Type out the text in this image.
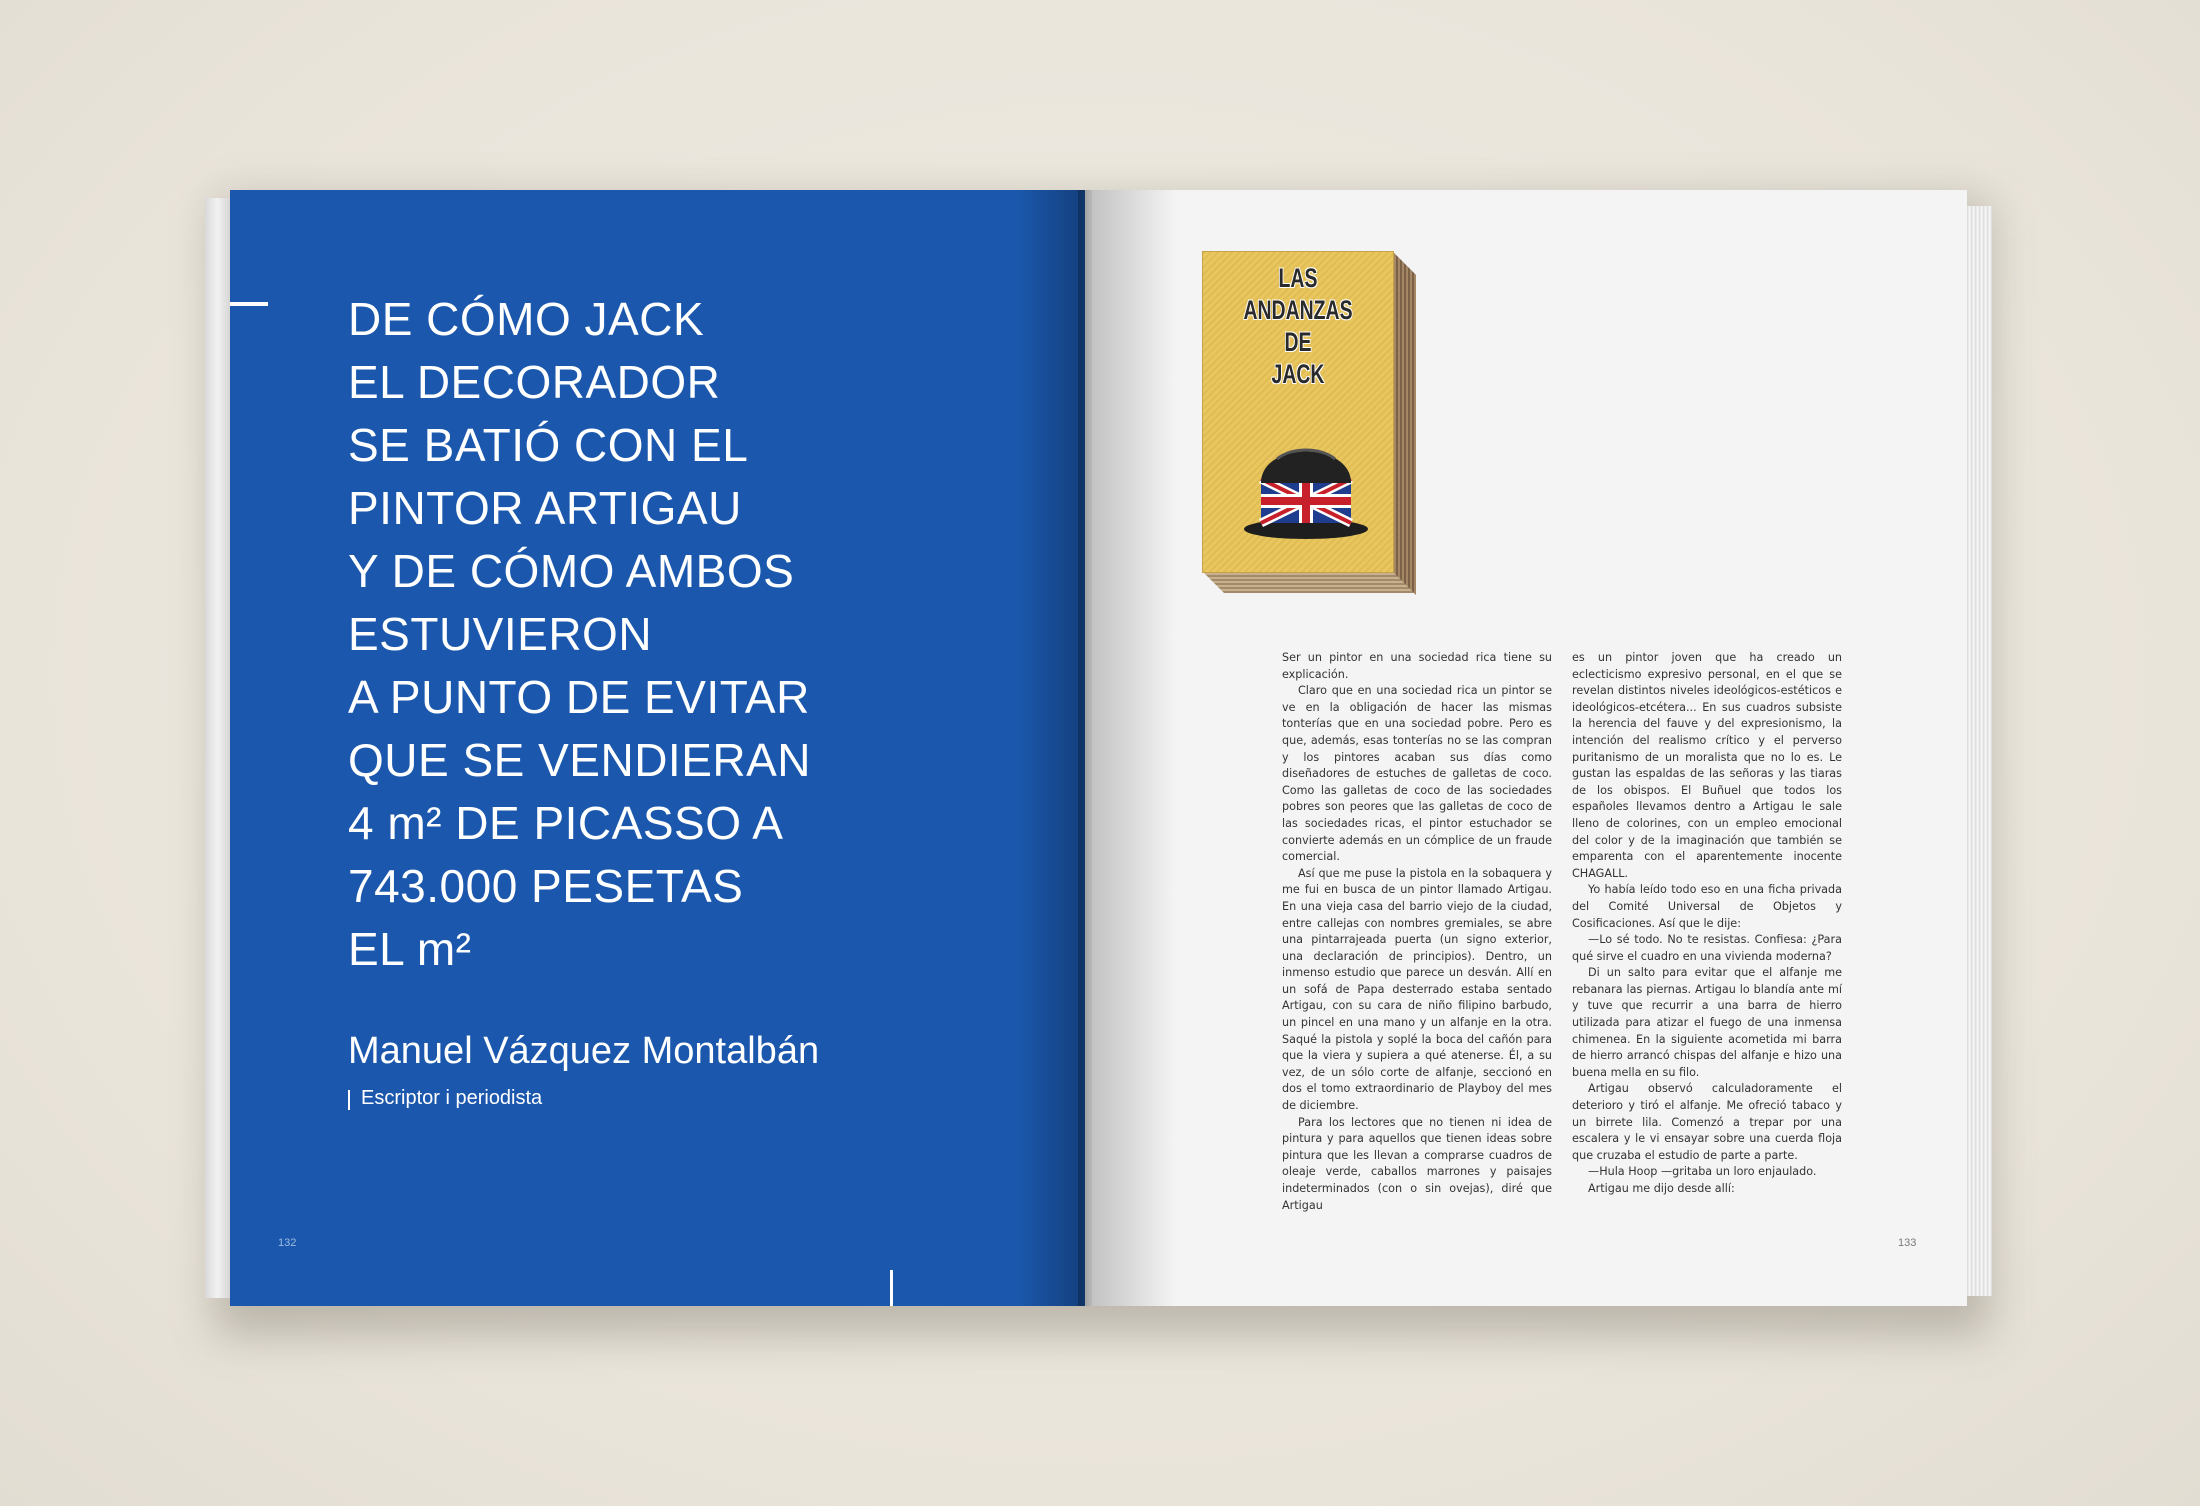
DE CÓMO JACK
EL DECORADOR
SE BATIÓ CON EL
PINTOR ARTIGAU
Y DE CÓMO AMBOS
ESTUVIERON
A PUNTO DE EVITAR
QUE SE VENDIERAN
4 m² DE PICASSO A
743.000 PESETAS
EL m²
Manuel Vázquez Montalbán
Escriptor i periodista
132
LAS
ANDANZAS
DE
JACK

Ser un pintor en una sociedad rica tiene su explicación.

Claro que en una sociedad rica un pintor se ve en la obligación de hacer las mismas tonterías que en una sociedad pobre. Pero es que, además, esas tonterías no se las compran y los pintores acaban sus días como diseñadores de estuches de galletas de coco. Como las galletas de coco de las sociedades pobres son peores que las galletas de coco de las sociedades ricas, el pintor estuchador se convierte además en un cómplice de un fraude comercial.

Así que me puse la pistola en la sobaquera y me fui en busca de un pintor llamado Artigau. En una vieja casa del barrio viejo de la ciudad, entre callejas con nombres gremiales, se abre una pintarrajeada puerta (un signo exterior, una declaración de principios). Dentro, un inmenso estudio que parece un desván. Allí en un sofá de Papa desterrado estaba sentado Artigau, con su cara de niño filipino barbudo, un pincel en una mano y un alfanje en la otra. Saqué la pistola y soplé la boca del cañón para que la viera y supiera a qué atenerse. Él, a su vez, de un sólo corte de alfanje, seccionó en dos el tomo extraordinario de Playboy del mes de diciembre.

Para los lectores que no tienen ni idea de pintura y para aquellos que tienen ideas sobre pintura que les llevan a comprarse cuadros de oleaje verde, caballos marrones y paisajes indeterminados (con o sin ovejas), diré que Artigau

es un pintor joven que ha creado un eclecticismo expresivo personal, en el que se revelan distintos niveles ideológicos-estéticos e ideológicos-etcétera... En sus cuadros subsiste la herencia del fauve y del expresionismo, la intención del realismo crítico y el perverso puritanismo de un moralista que no lo es. Le gustan las espaldas de las señoras y las tiaras de los obispos. El Buñuel que todos los españoles llevamos dentro a Artigau le sale lleno de colorines, con un empleo emocional del color y de la imaginación que también se emparenta con el aparentemente inocente CHAGALL.

Yo había leído todo eso en una ficha privada del Comité Universal de Objetos y Cosificaciones. Así que le dije:

—Lo sé todo. No te resistas. Confiesa: ¿Para qué sirve el cuadro en una vivienda moderna?

Di un salto para evitar que el alfanje me rebanara las piernas. Artigau lo blandía ante mí y tuve que recurrir a una barra de hierro utilizada para atizar el fuego de una inmensa chimenea. En la siguiente acometida mi barra de hierro arrancó chispas del alfanje e hizo una buena mella en su filo.

Artigau observó calculadoramente el deterioro y tiró el alfanje. Me ofreció tabaco y un birrete lila. Comenzó a trepar por una escalera y le vi ensayar sobre una cuerda floja que cruzaba el estudio de parte a parte.

—Hula Hoop —gritaba un loro enjaulado.

Artigau me dijo desde allí:

133
